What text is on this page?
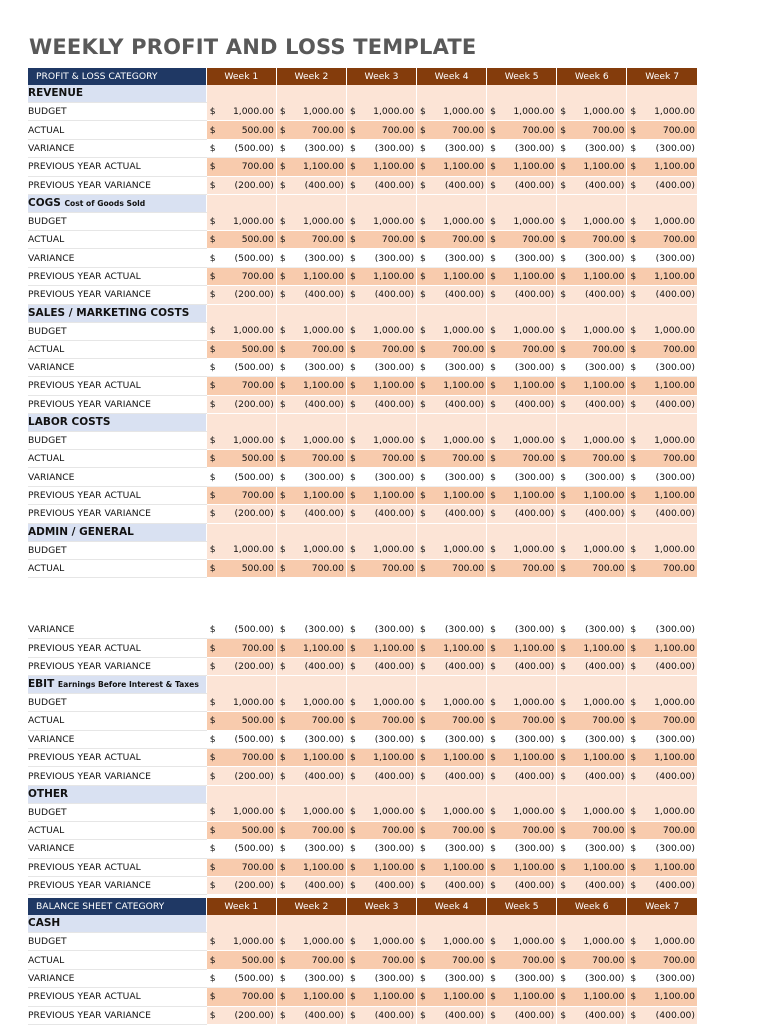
WEEKLY PROFIT AND LOSS TEMPLATE
PROFIT & LOSS CATEGORY	Week 1	Week 2	Week 3	Week 4	Week 5	Week 6	Week 7
REVENUE							
BUDGET	$ 1,000.00	$ 1,000.00	$ 1,000.00	$ 1,000.00	$ 1,000.00	$ 1,000.00	$ 1,000.00

ACTUAL	$ 500.00	$ 700.00	$ 700.00	$ 700.00	$ 700.00	$ 700.00	$ 700.00

VARIANCE	$ (500.00)	$ (300.00)	$ (300.00)	$ (300.00)	$ (300.00)	$ (300.00)	$ (300.00)

PREVIOUS YEAR ACTUAL	$ 700.00	$ 1,100.00	$ 1,100.00	$ 1,100.00	$ 1,100.00	$ 1,100.00	$ 1,100.00

PREVIOUS YEAR VARIANCE	$ (200.00)	$ (400.00)	$ (400.00)	$ (400.00)	$ (400.00)	$ (400.00)	$ (400.00)

COGS Cost of Goods Sold							
BUDGET	$ 1,000.00	$ 1,000.00	$ 1,000.00	$ 1,000.00	$ 1,000.00	$ 1,000.00	$ 1,000.00

ACTUAL	$ 500.00	$ 700.00	$ 700.00	$ 700.00	$ 700.00	$ 700.00	$ 700.00

VARIANCE	$ (500.00)	$ (300.00)	$ (300.00)	$ (300.00)	$ (300.00)	$ (300.00)	$ (300.00)

PREVIOUS YEAR ACTUAL	$ 700.00	$ 1,100.00	$ 1,100.00	$ 1,100.00	$ 1,100.00	$ 1,100.00	$ 1,100.00

PREVIOUS YEAR VARIANCE	$ (200.00)	$ (400.00)	$ (400.00)	$ (400.00)	$ (400.00)	$ (400.00)	$ (400.00)

SALES / MARKETING COSTS							
BUDGET	$ 1,000.00	$ 1,000.00	$ 1,000.00	$ 1,000.00	$ 1,000.00	$ 1,000.00	$ 1,000.00

ACTUAL	$ 500.00	$ 700.00	$ 700.00	$ 700.00	$ 700.00	$ 700.00	$ 700.00

VARIANCE	$ (500.00)	$ (300.00)	$ (300.00)	$ (300.00)	$ (300.00)	$ (300.00)	$ (300.00)

PREVIOUS YEAR ACTUAL	$ 700.00	$ 1,100.00	$ 1,100.00	$ 1,100.00	$ 1,100.00	$ 1,100.00	$ 1,100.00

PREVIOUS YEAR VARIANCE	$ (200.00)	$ (400.00)	$ (400.00)	$ (400.00)	$ (400.00)	$ (400.00)	$ (400.00)

LABOR COSTS							
BUDGET	$ 1,000.00	$ 1,000.00	$ 1,000.00	$ 1,000.00	$ 1,000.00	$ 1,000.00	$ 1,000.00

ACTUAL	$ 500.00	$ 700.00	$ 700.00	$ 700.00	$ 700.00	$ 700.00	$ 700.00

VARIANCE	$ (500.00)	$ (300.00)	$ (300.00)	$ (300.00)	$ (300.00)	$ (300.00)	$ (300.00)

PREVIOUS YEAR ACTUAL	$ 700.00	$ 1,100.00	$ 1,100.00	$ 1,100.00	$ 1,100.00	$ 1,100.00	$ 1,100.00

PREVIOUS YEAR VARIANCE	$ (200.00)	$ (400.00)	$ (400.00)	$ (400.00)	$ (400.00)	$ (400.00)	$ (400.00)

ADMIN / GENERAL							
BUDGET	$ 1,000.00	$ 1,000.00	$ 1,000.00	$ 1,000.00	$ 1,000.00	$ 1,000.00	$ 1,000.00

ACTUAL	$ 500.00	$ 700.00	$ 700.00	$ 700.00	$ 700.00	$ 700.00	$ 700.00
VARIANCE	$ (500.00)	$ (300.00)	$ (300.00)	$ (300.00)	$ (300.00)	$ (300.00)	$ (300.00)

PREVIOUS YEAR ACTUAL	$ 700.00	$ 1,100.00	$ 1,100.00	$ 1,100.00	$ 1,100.00	$ 1,100.00	$ 1,100.00

PREVIOUS YEAR VARIANCE	$ (200.00)	$ (400.00)	$ (400.00)	$ (400.00)	$ (400.00)	$ (400.00)	$ (400.00)

EBIT Earnings Before Interest & Taxes							
BUDGET	$ 1,000.00	$ 1,000.00	$ 1,000.00	$ 1,000.00	$ 1,000.00	$ 1,000.00	$ 1,000.00

ACTUAL	$ 500.00	$ 700.00	$ 700.00	$ 700.00	$ 700.00	$ 700.00	$ 700.00

VARIANCE	$ (500.00)	$ (300.00)	$ (300.00)	$ (300.00)	$ (300.00)	$ (300.00)	$ (300.00)

PREVIOUS YEAR ACTUAL	$ 700.00	$ 1,100.00	$ 1,100.00	$ 1,100.00	$ 1,100.00	$ 1,100.00	$ 1,100.00

PREVIOUS YEAR VARIANCE	$ (200.00)	$ (400.00)	$ (400.00)	$ (400.00)	$ (400.00)	$ (400.00)	$ (400.00)

OTHER							
BUDGET	$ 1,000.00	$ 1,000.00	$ 1,000.00	$ 1,000.00	$ 1,000.00	$ 1,000.00	$ 1,000.00

ACTUAL	$ 500.00	$ 700.00	$ 700.00	$ 700.00	$ 700.00	$ 700.00	$ 700.00

VARIANCE	$ (500.00)	$ (300.00)	$ (300.00)	$ (300.00)	$ (300.00)	$ (300.00)	$ (300.00)

PREVIOUS YEAR ACTUAL	$ 700.00	$ 1,100.00	$ 1,100.00	$ 1,100.00	$ 1,100.00	$ 1,100.00	$ 1,100.00

PREVIOUS YEAR VARIANCE	$ (200.00)	$ (400.00)	$ (400.00)	$ (400.00)	$ (400.00)	$ (400.00)	$ (400.00)
BALANCE SHEET CATEGORY	Week 1	Week 2	Week 3	Week 4	Week 5	Week 6	Week 7
CASH							
BUDGET	$ 1,000.00	$ 1,000.00	$ 1,000.00	$ 1,000.00	$ 1,000.00	$ 1,000.00	$ 1,000.00

ACTUAL	$ 500.00	$ 700.00	$ 700.00	$ 700.00	$ 700.00	$ 700.00	$ 700.00

VARIANCE	$ (500.00)	$ (300.00)	$ (300.00)	$ (300.00)	$ (300.00)	$ (300.00)	$ (300.00)

PREVIOUS YEAR ACTUAL	$ 700.00	$ 1,100.00	$ 1,100.00	$ 1,100.00	$ 1,100.00	$ 1,100.00	$ 1,100.00

PREVIOUS YEAR VARIANCE	$ (200.00)	$ (400.00)	$ (400.00)	$ (400.00)	$ (400.00)	$ (400.00)	$ (400.00)
